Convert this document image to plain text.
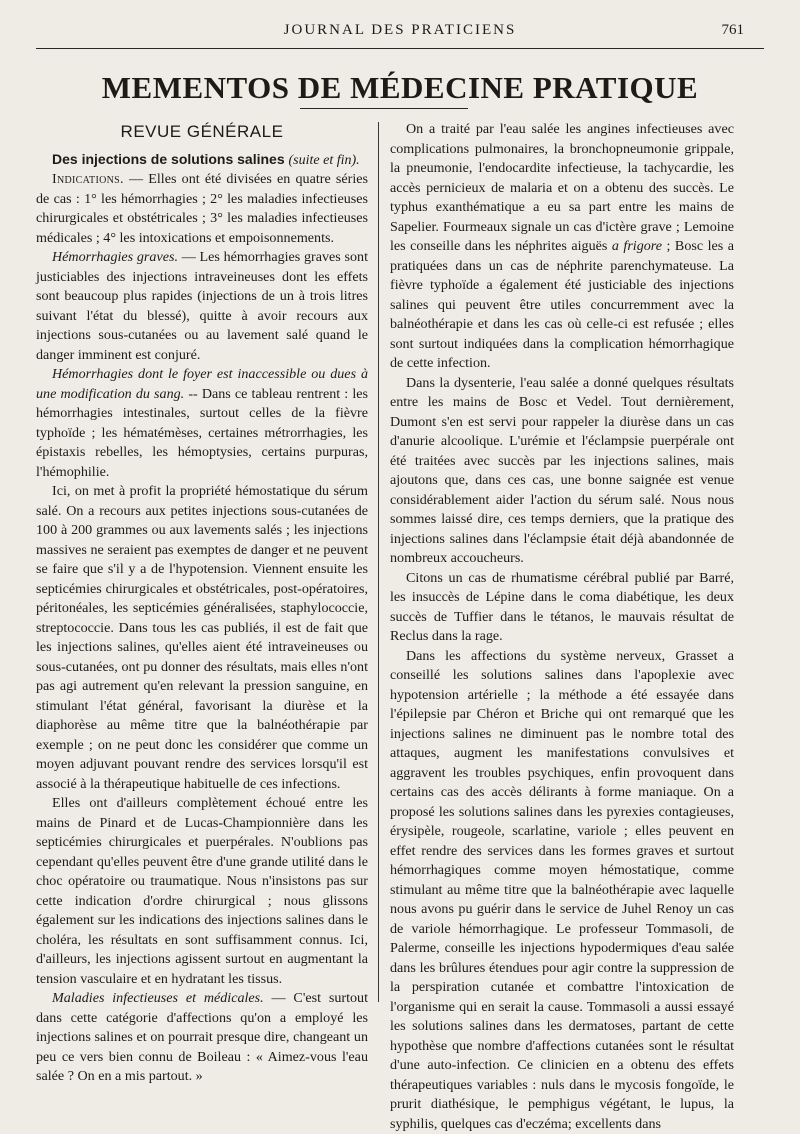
JOURNAL DES PRATICIENS	761
MEMENTOS DE MÉDECINE PRATIQUE
REVUE GÉNÉRALE

Des injections de solutions salines (suite et fin).

Indications. — Elles ont été divisées en quatre séries de cas : 1° les hémorrhagies ; 2° les maladies infectieuses chirurgicales et obstétricales ; 3° les maladies infectieuses médicales ; 4° les intoxications et empoisonnements.

Hémorrhagies graves. — Les hémorrhagies graves sont justiciables des injections intraveineuses dont les effets sont beaucoup plus rapides (injections de un à trois litres suivant l'état du blessé), quitte à avoir recours aux injections sous-cutanées ou au lavement salé quand le danger imminent est conjuré.

Hémorrhagies dont le foyer est inaccessible ou dues à une modification du sang. -- Dans ce tableau rentrent : les hémorrhagies intestinales, surtout celles de la fièvre typhoïde ; les hématémèses, certaines métrorrhagies, les épistaxis rebelles, les hémoptysies, certains purpuras, l'hémophilie.

Ici, on met à profit la propriété hémostatique du sérum salé. On a recours aux petites injections sous-cutanées de 100 à 200 grammes ou aux lavements salés ; les injections massives ne seraient pas exemptes de danger et ne peuvent se faire que s'il y a de l'hypotension. Viennent ensuite les septicémies chirurgicales et obstétricales, post-opératoires, péritonéales, les septicémies généralisées, staphylococcie, streptococcie. Dans tous les cas publiés, il est de fait que les injections salines, qu'elles aient été intraveineuses ou sous-cutanées, ont pu donner des résultats, mais elles n'ont pas agi autrement qu'en relevant la pression sanguine, en stimulant l'état général, favorisant la diurèse et la diaphorèse au même titre que la balnéothérapie par exemple ; on ne peut donc les considérer que comme un moyen adjuvant pouvant rendre des services lorsqu'il est associé à la thérapeutique habituelle de ces infections.

Elles ont d'ailleurs complètement échoué entre les mains de Pinard et de Lucas-Championnière dans les septicémies chirurgicales et puerpérales. N'oublions pas cependant qu'elles peuvent être d'une grande utilité dans le choc opératoire ou traumatique. Nous n'insistons pas sur cette indication d'ordre chirurgical ; nous glissons également sur les indications des injections salines dans le choléra, les résultats en sont suffisamment connus. Ici, d'ailleurs, les injections agissent surtout en augmentant la tension vasculaire et en hydratant les tissus.

Maladies infectieuses et médicales. — C'est surtout dans cette catégorie d'affections qu'on a employé les injections salines et on pourrait presque dire, changeant un peu ce vers bien connu de Boileau : « Aimez-vous l'eau salée ? On en a mis partout. »

On a traité par l'eau salée les angines infectieuses avec complications pulmonaires, la bronchopneumonie grippale, la pneumonie, l'endocardite infectieuse, la tachycardie, les accès pernicieux de malaria et on a obtenu des succès. Le typhus exanthématique a eu sa part entre les mains de Sapelier. Fourmeaux signale un cas d'ictère grave ; Lemoine les conseille dans les néphrites aiguës a frigore ; Bosc les a pratiquées dans un cas de néphrite parenchymateuse. La fièvre typhoïde a également été justiciable des injections salines qui peuvent être utiles concurremment avec la balnéothérapie et dans les cas où celle-ci est refusée ; elles sont surtout indiquées dans la complication hémorrhagique de cette infection.

Dans la dysenterie, l'eau salée a donné quelques résultats entre les mains de Bosc et Vedel. Tout dernièrement, Dumont s'en est servi pour rappeler la diurèse dans un cas d'anurie alcoolique. L'urémie et l'éclampsie puerpérale ont été traitées avec succès par les injections salines, mais ajoutons que, dans ces cas, une bonne saignée est venue considérablement aider l'action du sérum salé. Nous nous sommes laissé dire, ces temps derniers, que la pratique des injections salines dans l'éclampsie était déjà abandonnée de nombreux accoucheurs.

Citons un cas de rhumatisme cérébral publié par Barré, les insuccès de Lépine dans le coma diabétique, les deux succès de Tuffier dans le tétanos, le mauvais résultat de Reclus dans la rage.

Dans les affections du système nerveux, Grasset a conseillé les solutions salines dans l'apoplexie avec hypotension artérielle ; la méthode a été essayée dans l'épilepsie par Chéron et Briche qui ont remarqué que les injections salines ne diminuent pas le nombre total des attaques, augment les manifestations convulsives et aggravent les troubles psychiques, enfin provoquent dans certains cas des accès délirants à forme maniaque. On a proposé les solutions salines dans les pyrexies contagieuses, érysipèle, rougeole, scarlatine, variole ; elles peuvent en effet rendre des services dans les formes graves et surtout hémorrhagiques comme moyen hémostatique, comme stimulant au même titre que la balnéothérapie avec laquelle nous avons pu guérir dans le service de Juhel Renoy un cas de variole hémorrhagique. Le professeur Tommasoli, de Palerme, conseille les injections hypodermiques d'eau salée dans les brûlures étendues pour agir contre la suppression de la perspiration cutanée et combattre l'intoxication de l'organisme qui en serait la cause. Tommasoli a aussi essayé les solutions salines dans les dermatoses, partant de cette hypothèse que nombre d'affections cutanées sont le résultat d'une auto-infection. Ce clinicien en a obtenu des effets thérapeutiques variables : nuls dans le mycosis fongoïde, le prurit diathésique, le pemphigus végétant, le lupus, la syphilis, quelques cas d'eczéma; excellents dans
